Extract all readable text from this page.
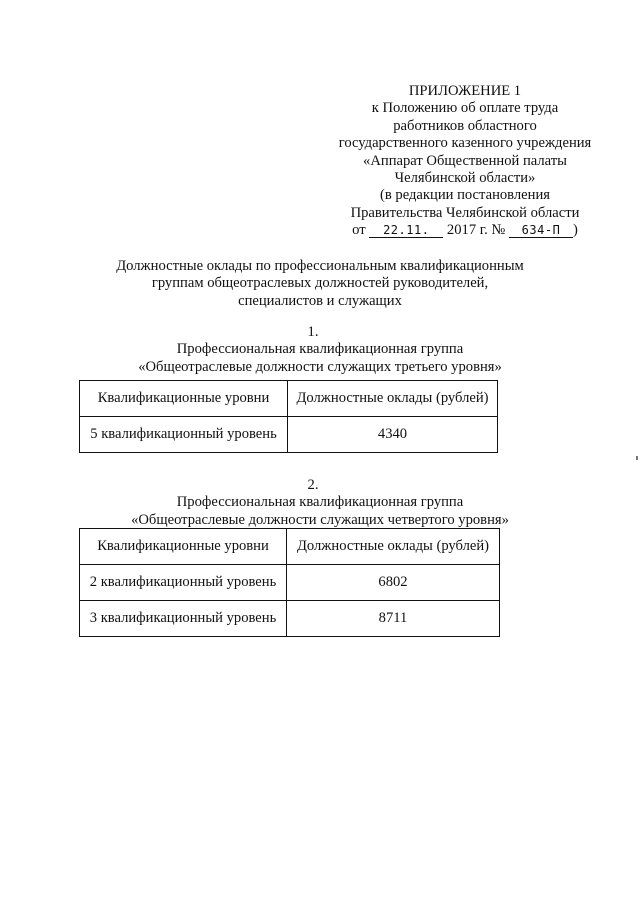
ПРИЛОЖЕНИЕ 1
к Положению об оплате труда
работников областного
государственного казенного учреждения
«Аппарат Общественной палаты
Челябинской области»
(в редакции постановления
Правительства Челябинской области
от 22.11. 2017 г. № 634-П )
Должностные оклады по профессиональным квалификационным
группам общеотраслевых должностей руководителей,
специалистов и служащих
1.
Профессиональная квалификационная группа
«Общеотраслевые должности служащих третьего уровня»
Квалификационные уровни	Должностные оклады (рублей)
5 квалификационный уровень	4340
2.
Профессиональная квалификационная группа
«Общеотраслевые должности служащих четвертого уровня»
Квалификационные уровни	Должностные оклады (рублей)
2 квалификационный уровень	6802
3 квалификационный уровень	8711
